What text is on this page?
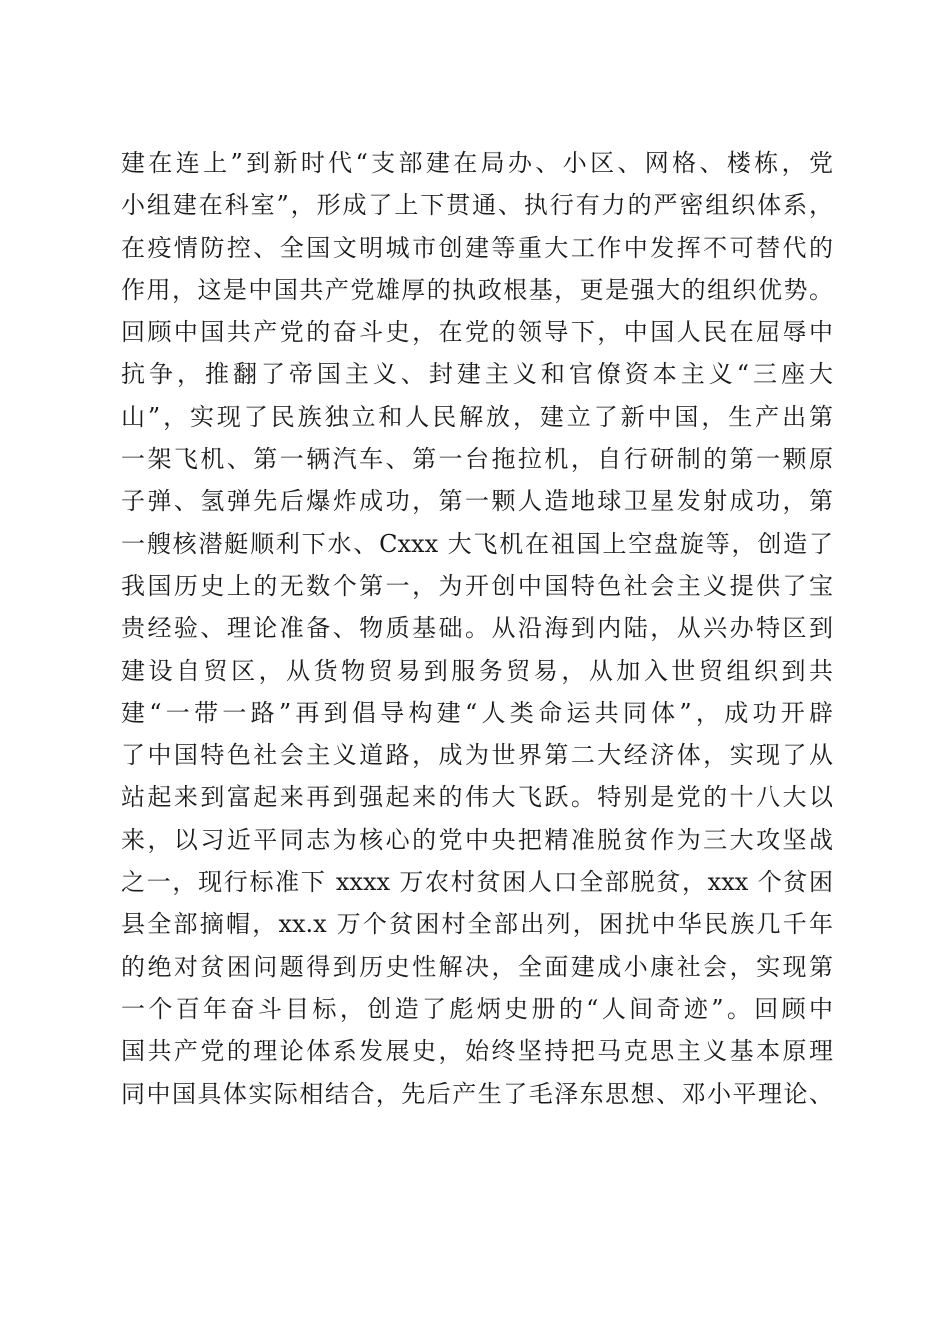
建在连上”到新时代“支部建在局办、小区、网格、楼栋，党
小组建在科室”，形成了上下贯通、执行有力的严密组织体系，
在疫情防控、全国文明城市创建等重大工作中发挥不可替代的
作用，这是中国共产党雄厚的执政根基，更是强大的组织优势。
回顾中国共产党的奋斗史，在党的领导下，中国人民在屈辱中
抗争，推翻了帝国主义、封建主义和官僚资本主义“三座大
山”，实现了民族独立和人民解放，建立了新中国，生产出第
一架飞机、第一辆汽车、第一台拖拉机，自行研制的第一颗原
子弹、氢弹先后爆炸成功，第一颗人造地球卫星发射成功，第
一艘核潜艇顺利下水、Cxxx 大飞机在祖国上空盘旋等，创造了
我国历史上的无数个第一，为开创中国特色社会主义提供了宝
贵经验、理论准备、物质基础。从沿海到内陆，从兴办特区到
建设自贸区，从货物贸易到服务贸易，从加入世贸组织到共
建“一带一路”再到倡导构建“人类命运共同体”，成功开辟
了中国特色社会主义道路，成为世界第二大经济体，实现了从
站起来到富起来再到强起来的伟大飞跃。特别是党的十八大以
来，以习近平同志为核心的党中央把精准脱贫作为三大攻坚战
之一，现行标准下 xxxx 万农村贫困人口全部脱贫，xxx 个贫困
县全部摘帽，xx.x 万个贫困村全部出列，困扰中华民族几千年
的绝对贫困问题得到历史性解决，全面建成小康社会，实现第
一个百年奋斗目标，创造了彪炳史册的“人间奇迹”。回顾中
国共产党的理论体系发展史，始终坚持把马克思主义基本原理
同中国具体实际相结合，先后产生了毛泽东思想、邓小平理论、
